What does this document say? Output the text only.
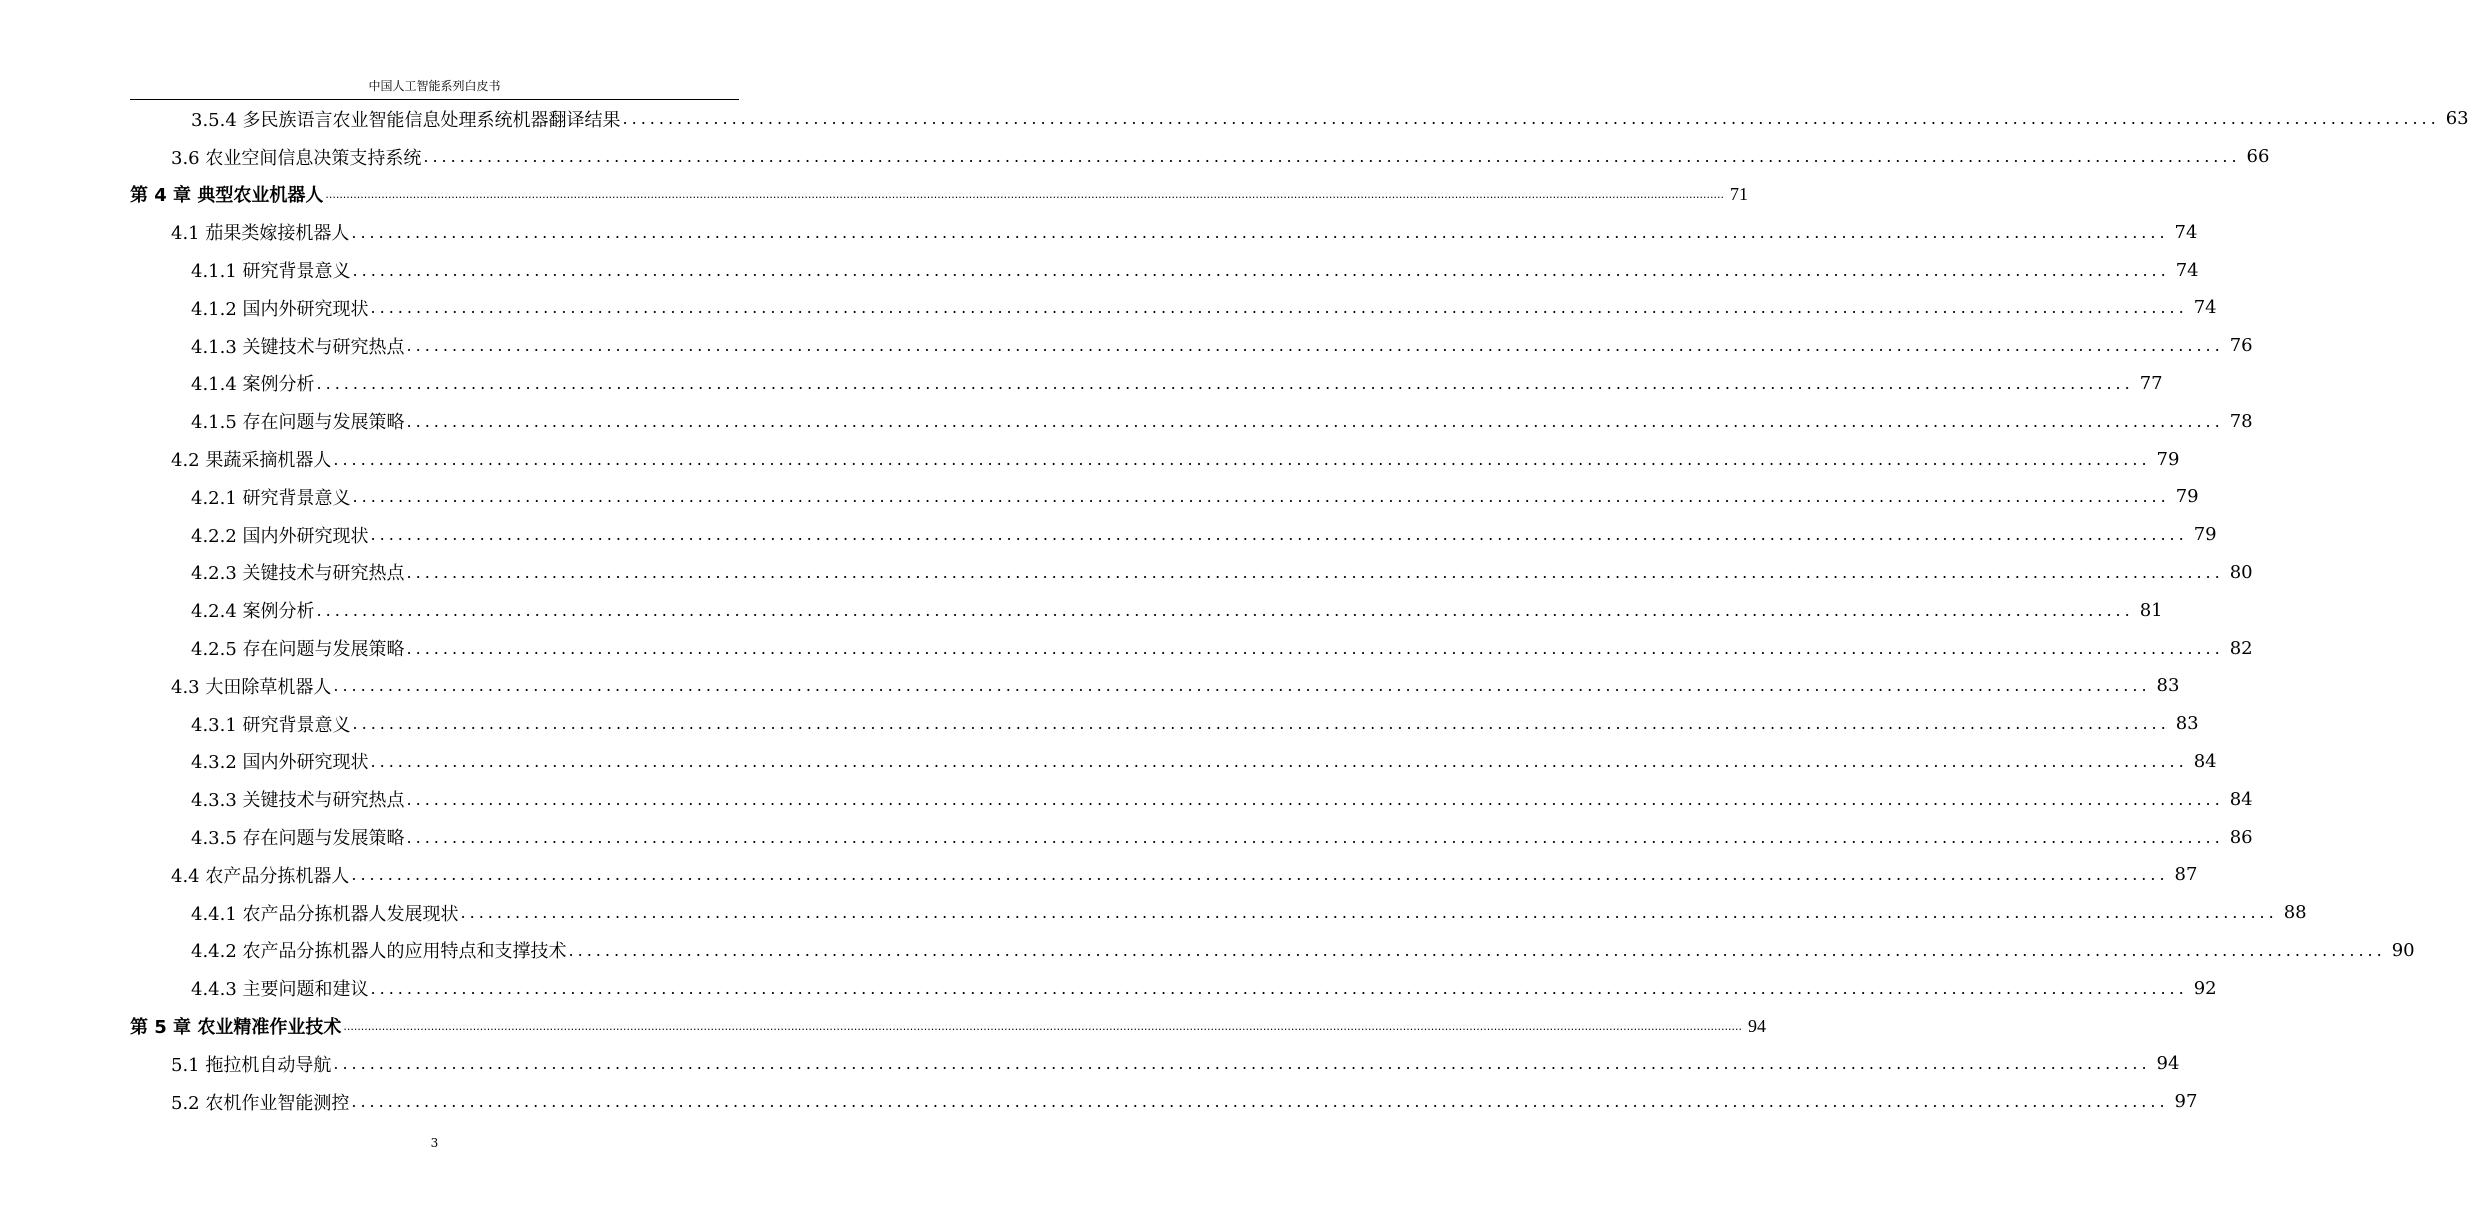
中国人工智能系列白皮书
3.5.4 多民族语言农业智能信息处理系统机器翻译结果 ........................................................................................................................................................................................................ 63
3.6 农业空间信息决策支持系统 ........................................................................................................................................................................................................ 66
第 4 章 典型农业机器人 ................................................................................................................................................................................................................................................................................................................................................................................................................ 71
4.1 茄果类嫁接机器人 ........................................................................................................................................................................................................ 74
4.1.1 研究背景意义 ........................................................................................................................................................................................................ 74
4.1.2 国内外研究现状 ........................................................................................................................................................................................................ 74
4.1.3 关键技术与研究热点 ........................................................................................................................................................................................................ 76
4.1.4 案例分析 ........................................................................................................................................................................................................ 77
4.1.5 存在问题与发展策略 ........................................................................................................................................................................................................ 78
4.2 果蔬采摘机器人 ........................................................................................................................................................................................................ 79
4.2.1 研究背景意义 ........................................................................................................................................................................................................ 79
4.2.2 国内外研究现状 ........................................................................................................................................................................................................ 79
4.2.3 关键技术与研究热点 ........................................................................................................................................................................................................ 80
4.2.4 案例分析 ........................................................................................................................................................................................................ 81
4.2.5 存在问题与发展策略 ........................................................................................................................................................................................................ 82
4.3 大田除草机器人 ........................................................................................................................................................................................................ 83
4.3.1 研究背景意义 ........................................................................................................................................................................................................ 83
4.3.2 国内外研究现状 ........................................................................................................................................................................................................ 84
4.3.3 关键技术与研究热点 ........................................................................................................................................................................................................ 84
4.3.5 存在问题与发展策略 ........................................................................................................................................................................................................ 86
4.4 农产品分拣机器人 ........................................................................................................................................................................................................ 87
4.4.1 农产品分拣机器人发展现状 ........................................................................................................................................................................................................ 88
4.4.2 农产品分拣机器人的应用特点和支撑技术 ........................................................................................................................................................................................................ 90
4.4.3 主要问题和建议 ........................................................................................................................................................................................................ 92
第 5 章 农业精准作业技术 ................................................................................................................................................................................................................................................................................................................................................................................................................ 94
5.1 拖拉机自动导航 ........................................................................................................................................................................................................ 94
5.2 农机作业智能测控 ........................................................................................................................................................................................................ 97
3
